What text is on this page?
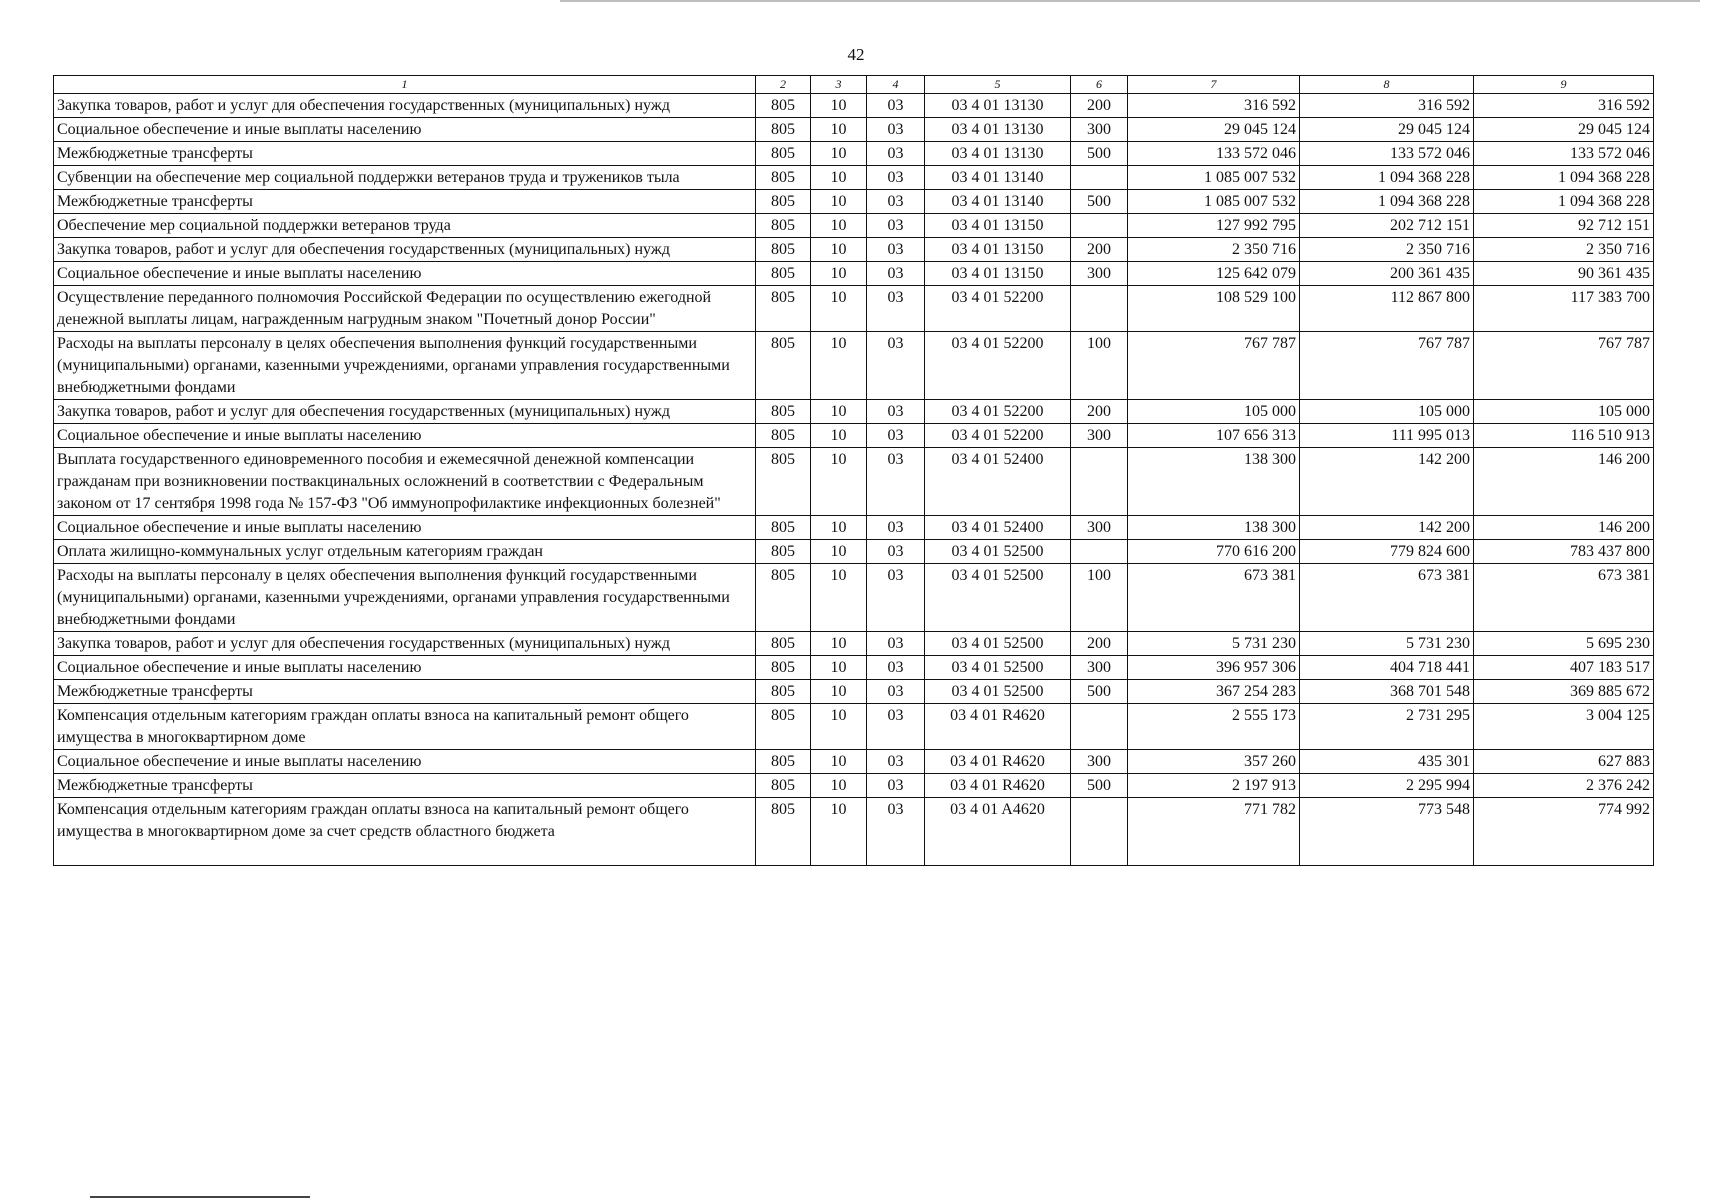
42
1	2	3	4	5	6	7	8	9
Закупка товаров, работ и услуг для обеспечения государственных (муниципальных) нужд	805	10	03	03 4 01 13130	200	316 592	316 592	316 592
Социальное обеспечение и иные выплаты населению	805	10	03	03 4 01 13130	300	29 045 124	29 045 124	29 045 124
Межбюджетные трансферты	805	10	03	03 4 01 13130	500	133 572 046	133 572 046	133 572 046
Субвенции на обеспечение мер социальной поддержки ветеранов труда и тружеников тыла	805	10	03	03 4 01 13140		1 085 007 532	1 094 368 228	1 094 368 228
Межбюджетные трансферты	805	10	03	03 4 01 13140	500	1 085 007 532	1 094 368 228	1 094 368 228
Обеспечение мер социальной поддержки ветеранов труда	805	10	03	03 4 01 13150		127 992 795	202 712 151	92 712 151
Закупка товаров, работ и услуг для обеспечения государственных (муниципальных) нужд	805	10	03	03 4 01 13150	200	2 350 716	2 350 716	2 350 716
Социальное обеспечение и иные выплаты населению	805	10	03	03 4 01 13150	300	125 642 079	200 361 435	90 361 435
Осуществление переданного полномочия Российской Федерации по осуществлению ежегодной денежной выплаты лицам, награжденным нагрудным знаком "Почетный донор России"	805	10	03	03 4 01 52200		108 529 100	112 867 800	117 383 700
Расходы на выплаты персоналу в целях обеспечения выполнения функций государственными (муниципальными) органами, казенными учреждениями, органами управления государственными внебюджетными фондами	805	10	03	03 4 01 52200	100	767 787	767 787	767 787
Закупка товаров, работ и услуг для обеспечения государственных (муниципальных) нужд	805	10	03	03 4 01 52200	200	105 000	105 000	105 000
Социальное обеспечение и иные выплаты населению	805	10	03	03 4 01 52200	300	107 656 313	111 995 013	116 510 913
Выплата государственного единовременного пособия и ежемесячной денежной компенсации гражданам при возникновении поствакцинальных осложнений в соответствии с Федеральным законом от 17 сентября 1998 года № 157-ФЗ "Об иммунопрофилактике инфекционных болезней"	805	10	03	03 4 01 52400		138 300	142 200	146 200
Социальное обеспечение и иные выплаты населению	805	10	03	03 4 01 52400	300	138 300	142 200	146 200
Оплата жилищно-коммунальных услуг отдельным категориям граждан	805	10	03	03 4 01 52500		770 616 200	779 824 600	783 437 800
Расходы на выплаты персоналу в целях обеспечения выполнения функций государственными (муниципальными) органами, казенными учреждениями, органами управления государственными внебюджетными фондами	805	10	03	03 4 01 52500	100	673 381	673 381	673 381
Закупка товаров, работ и услуг для обеспечения государственных (муниципальных) нужд	805	10	03	03 4 01 52500	200	5 731 230	5 731 230	5 695 230
Социальное обеспечение и иные выплаты населению	805	10	03	03 4 01 52500	300	396 957 306	404 718 441	407 183 517
Межбюджетные трансферты	805	10	03	03 4 01 52500	500	367 254 283	368 701 548	369 885 672
Компенсация отдельным категориям граждан оплаты взноса на капитальный ремонт общего имущества в многоквартирном доме	805	10	03	03 4 01 R4620		2 555 173	2 731 295	3 004 125
Социальное обеспечение и иные выплаты населению	805	10	03	03 4 01 R4620	300	357 260	435 301	627 883
Межбюджетные трансферты	805	10	03	03 4 01 R4620	500	2 197 913	2 295 994	2 376 242
Компенсация отдельным категориям граждан оплаты взноса на капитальный ремонт общего имущества в многоквартирном доме за счет средств областного бюджета	805	10	03	03 4 01 A4620		771 782	773 548	774 992
